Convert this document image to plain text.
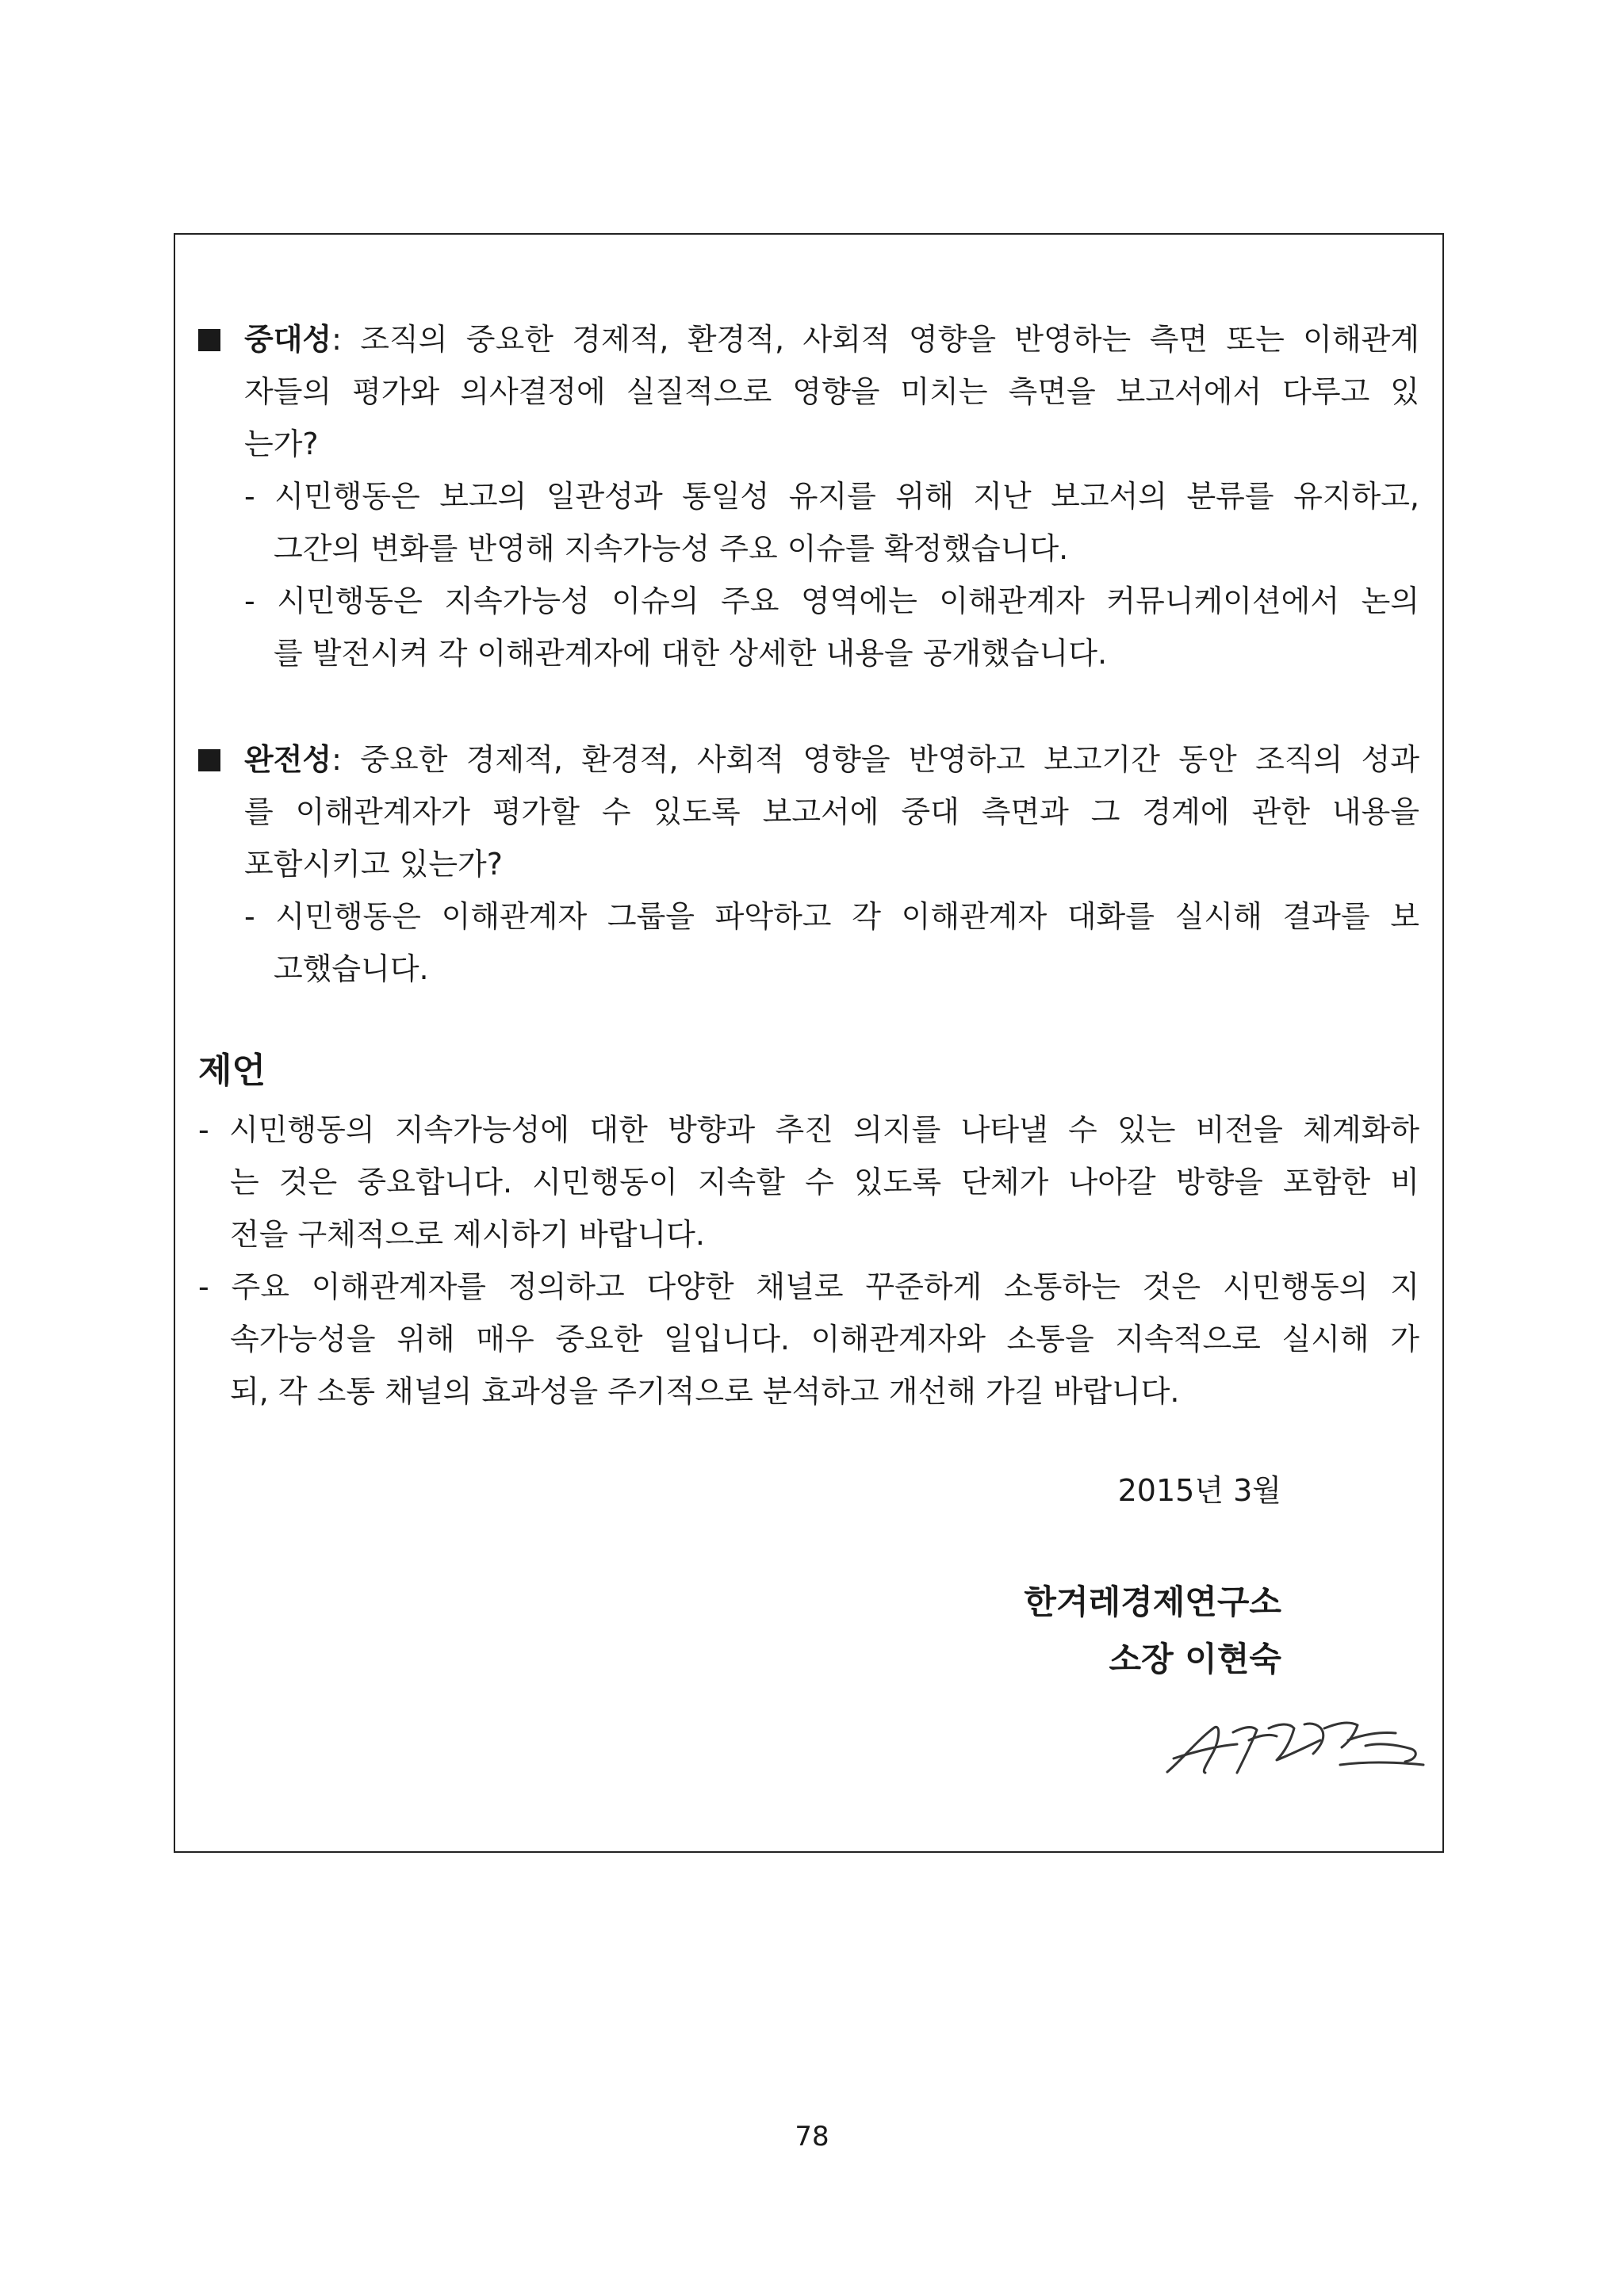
중대성: 조직의 중요한 경제적, 환경적, 사회적 영향을 반영하는 측면 또는 이해관계
자들의 평가와 의사결정에 실질적으로 영향을 미치는 측면을 보고서에서 다루고 있
는가?
- 시민행동은 보고의 일관성과 통일성 유지를 위해 지난 보고서의 분류를 유지하고,
그간의 변화를 반영해 지속가능성 주요 이슈를 확정했습니다.
- 시민행동은 지속가능성 이슈의 주요 영역에는 이해관계자 커뮤니케이션에서 논의
를 발전시켜 각 이해관계자에 대한 상세한 내용을 공개했습니다.
완전성: 중요한 경제적, 환경적, 사회적 영향을 반영하고 보고기간 동안 조직의 성과
를 이해관계자가 평가할 수 있도록 보고서에 중대 측면과 그 경계에 관한 내용을
포함시키고 있는가?
- 시민행동은 이해관계자 그룹을 파악하고 각 이해관계자 대화를 실시해 결과를 보
고했습니다.
제언
- 시민행동의 지속가능성에 대한 방향과 추진 의지를 나타낼 수 있는 비전을 체계화하
는 것은 중요합니다. 시민행동이 지속할 수 있도록 단체가 나아갈 방향을 포함한 비
전을 구체적으로 제시하기 바랍니다.
- 주요 이해관계자를 정의하고 다양한 채널로 꾸준하게 소통하는 것은 시민행동의 지
속가능성을 위해 매우 중요한 일입니다. 이해관계자와 소통을 지속적으로 실시해 가
되, 각 소통 채널의 효과성을 주기적으로 분석하고 개선해 가길 바랍니다.
2015년 3월
한겨레경제연구소
소장 이현숙
78
